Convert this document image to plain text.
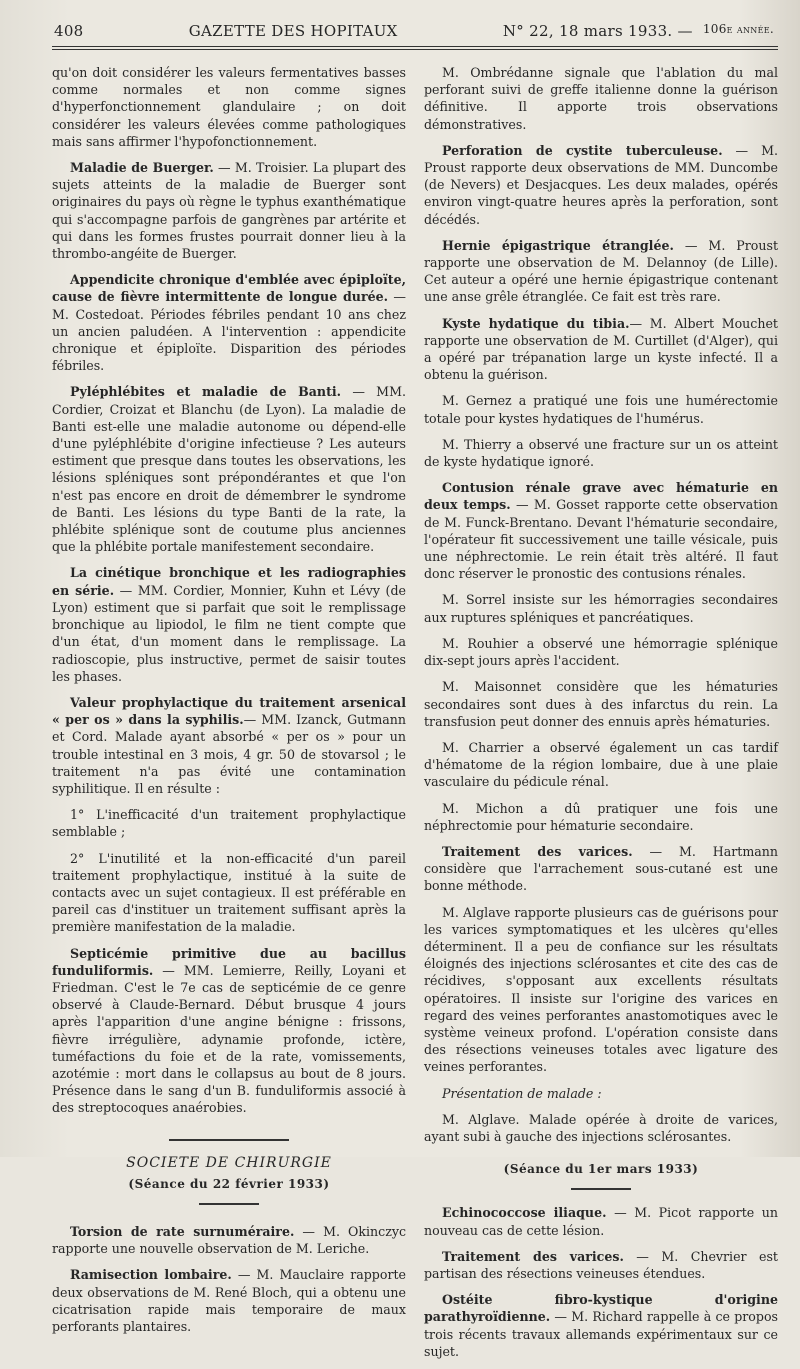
408	GAZETTE DES HOPITAUX	N° 22, 18 mars 1933. — 106e année.

qu'on doit considérer les valeurs fermentatives basses comme normales et non comme signes d'hyperfonctionnement glandulaire ; on doit considérer les valeurs élevées comme pathologiques mais sans affirmer l'hypofonctionnement.

Maladie de Buerger. — M. Troisier. La plupart des sujets atteints de la maladie de Buerger sont originaires du pays où règne le typhus exanthématique qui s'accompagne parfois de gangrènes par artérite et qui dans les formes frustes pourrait donner lieu à la thrombo-angéite de Buerger.

Appendicite chronique d'emblée avec épiploïte, cause de fièvre intermittente de longue durée. — M. Costedoat. Périodes fébriles pendant 10 ans chez un ancien paludéen. A l'intervention : appendicite chronique et épiploïte. Disparition des périodes fébriles.

Pyléphlébites et maladie de Banti. — MM. Cordier, Croizat et Blanchu (de Lyon). La maladie de Banti est-elle une maladie autonome ou dépend-elle d'une pyléphlébite d'origine infectieuse ? Les auteurs estiment que presque dans toutes les observations, les lésions spléniques sont prépondérantes et que l'on n'est pas encore en droit de démembrer le syndrome de Banti. Les lésions du type Banti de la rate, la phlébite splénique sont de coutume plus anciennes que la phlébite portale manifestement secondaire.

La cinétique bronchique et les radiographies en série. — MM. Cordier, Monnier, Kuhn et Lévy (de Lyon) estiment que si parfait que soit le remplissage bronchique au lipiodol, le film ne tient compte que d'un état, d'un moment dans le remplissage. La radioscopie, plus instructive, permet de saisir toutes les phases.

Valeur prophylactique du traitement arsenical « per os » dans la syphilis.— MM. Izanck, Gutmann et Cord. Malade ayant absorbé « per os » pour un trouble intestinal en 3 mois, 4 gr. 50 de stovarsol ; le traitement n'a pas évité une contamination syphilitique. Il en résulte :

1° L'inefficacité d'un traitement prophylactique semblable ;

2° L'inutilité et la non-efficacité d'un pareil traitement prophylactique, institué à la suite de contacts avec un sujet contagieux. Il est préférable en pareil cas d'instituer un traitement suffisant après la première manifestation de la maladie.

Septicémie primitive due au bacillus funduliformis. — MM. Lemierre, Reilly, Loyani et Friedman. C'est le 7e cas de septicémie de ce genre observé à Claude-Bernard. Début brusque 4 jours après l'apparition d'une angine bénigne : frissons, fièvre irrégulière, adynamie profonde, ictère, tuméfactions du foie et de la rate, vomissements, azotémie : mort dans le collapsus au bout de 8 jours. Présence dans le sang d'un B. funduliformis associé à des streptocoques anaérobies.

SOCIETE DE CHIRURGIE
(Séance du 22 février 1933)

Torsion de rate surnuméraire. — M. Okinczyc rapporte une nouvelle observation de M. Leriche.

Ramisection lombaire. — M. Mauclaire rapporte deux observations de M. René Bloch, qui a obtenu une cicatrisation rapide mais temporaire de maux perforants plantaires.

M. Ombrédanne signale que l'ablation du mal perforant suivi de greffe italienne donne la guérison définitive. Il apporte trois observations démonstratives.

Perforation de cystite tuberculeuse. — M. Proust rapporte deux observations de MM. Duncombe (de Nevers) et Desjacques. Les deux malades, opérés environ vingt-quatre heures après la perforation, sont décédés.

Hernie épigastrique étranglée. — M. Proust rapporte une observation de M. Delannoy (de Lille). Cet auteur a opéré une hernie épigastrique contenant une anse grêle étranglée. Ce fait est très rare.

Kyste hydatique du tibia.— M. Albert Mouchet rapporte une observation de M. Curtillet (d'Alger), qui a opéré par trépanation large un kyste infecté. Il a obtenu la guérison.

M. Gernez a pratiqué une fois une humérectomie totale pour kystes hydatiques de l'humérus.

M. Thierry a observé une fracture sur un os atteint de kyste hydatique ignoré.

Contusion rénale grave avec hématurie en deux temps. — M. Gosset rapporte cette observation de M. Funck-Brentano. Devant l'hématurie secondaire, l'opérateur fit successivement une taille vésicale, puis une néphrectomie. Le rein était très altéré. Il faut donc réserver le pronostic des contusions rénales.

M. Sorrel insiste sur les hémorragies secondaires aux ruptures spléniques et pancréatiques.

M. Rouhier a observé une hémorragie splénique dix-sept jours après l'accident.

M. Maisonnet considère que les hématuries secondaires sont dues à des infarctus du rein. La transfusion peut donner des ennuis après hématuries.

M. Charrier a observé également un cas tardif d'hématome de la région lombaire, due à une plaie vasculaire du pédicule rénal.

M. Michon a dû pratiquer une fois une néphrectomie pour hématurie secondaire.

Traitement des varices. — M. Hartmann considère que l'arrachement sous-cutané est une bonne méthode.

M. Alglave rapporte plusieurs cas de guérisons pour les varices symptomatiques et les ulcères qu'elles déterminent. Il a peu de confiance sur les résultats éloignés des injections sclérosantes et cite des cas de récidives, s'opposant aux excellents résultats opératoires. Il insiste sur l'origine des varices en regard des veines perforantes anastomotiques avec le système veineux profond. L'opération consiste dans des résections veineuses totales avec ligature des veines perforantes.

Présentation de malade :

M. Alglave. Malade opérée à droite de varices, ayant subi à gauche des injections sclérosantes.

(Séance du 1er mars 1933)

Echinococcose iliaque. — M. Picot rapporte un nouveau cas de cette lésion.

Traitement des varices. — M. Chevrier est partisan des résections veineuses étendues.

Ostéite fibro-kystique d'origine parathyroïdienne. — M. Richard rappelle à ce propos trois récents travaux allemands expérimentaux sur ce sujet.
